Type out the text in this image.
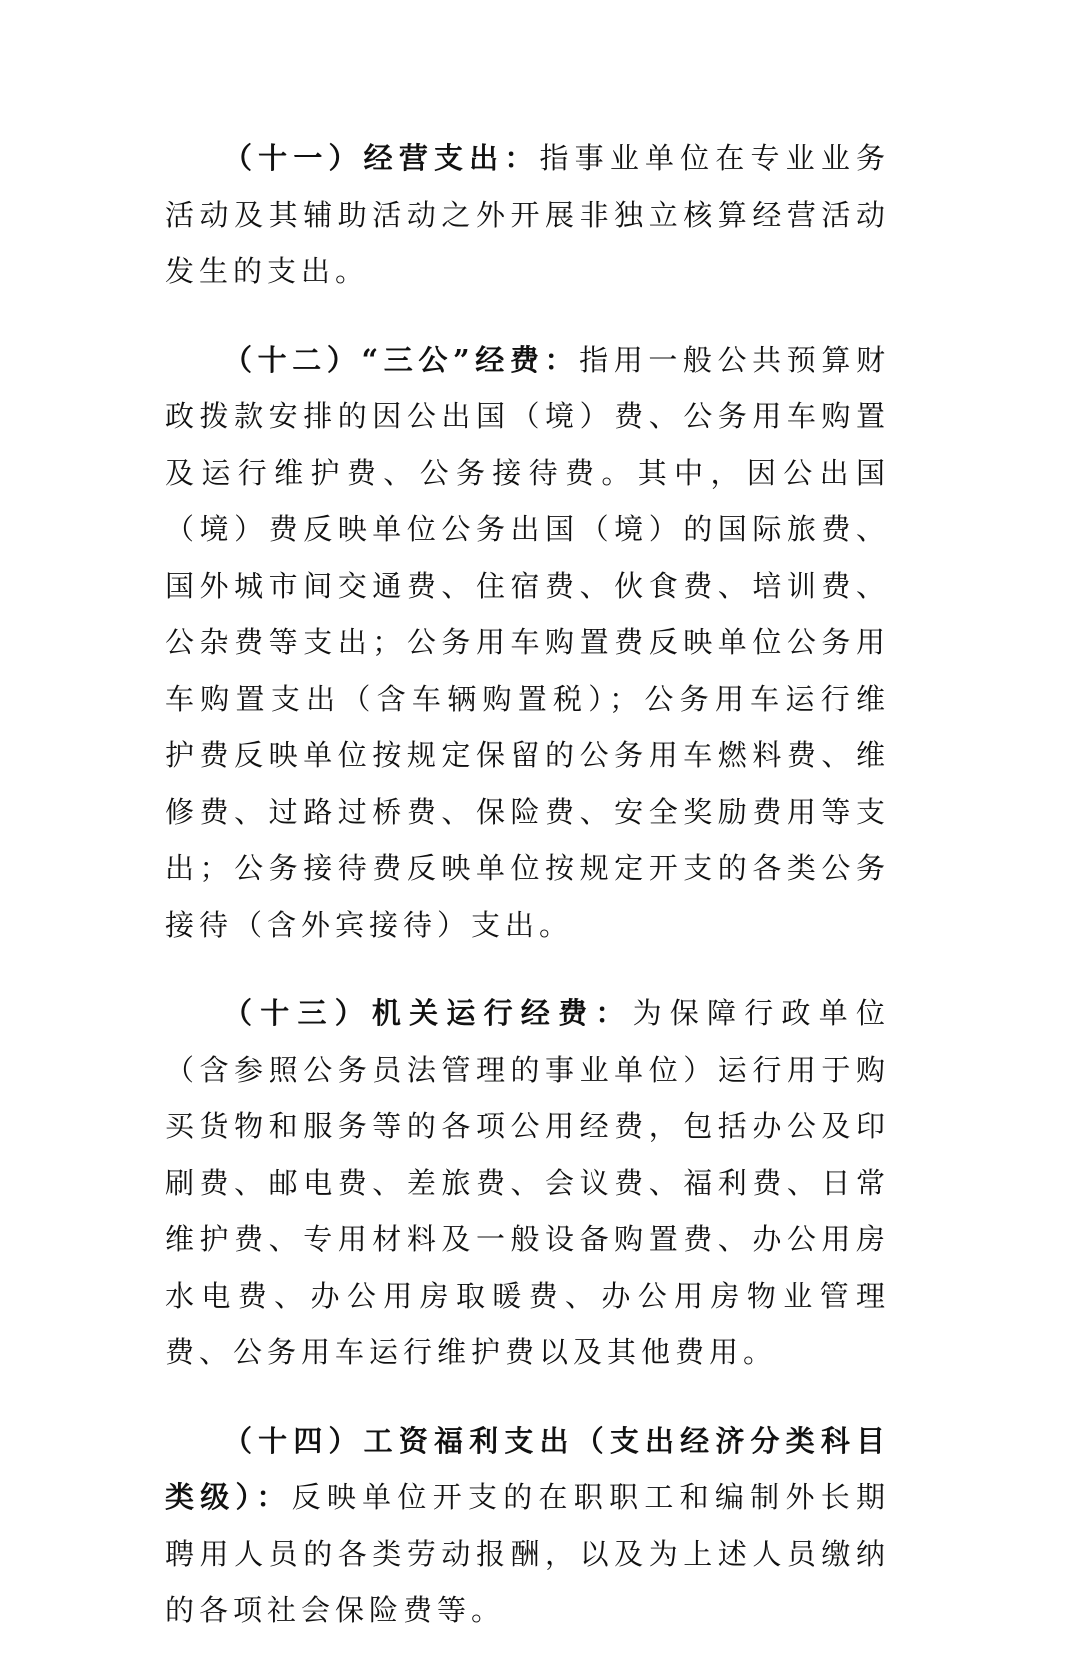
（十一）经营支出：指事业单位在专业业务活动及其辅助活动之外开展非独立核算经营活动发生的支出。

（十二）“三公”经费：指用一般公共预算财政拨款安排的因公出国（境）费、公务用车购置及运行维护费、公务接待费。其中，因公出国（境）费反映单位公务出国（境）的国际旅费、国外城市间交通费、住宿费、伙食费、培训费、公杂费等支出；公务用车购置费反映单位公务用车购置支出（含车辆购置税）；公务用车运行维护费反映单位按规定保留的公务用车燃料费、维修费、过路过桥费、保险费、安全奖励费用等支出；公务接待费反映单位按规定开支的各类公务接待（含外宾接待）支出。

（十三）机关运行经费：为保障行政单位（含参照公务员法管理的事业单位）运行用于购买货物和服务等的各项公用经费，包括办公及印刷费、邮电费、差旅费、会议费、福利费、日常维护费、专用材料及一般设备购置费、办公用房水电费、办公用房取暖费、办公用房物业管理费、公务用车运行维护费以及其他费用。

（十四）工资福利支出（支出经济分类科目类级）：反映单位开支的在职职工和编制外长期聘用人员的各类劳动报酬，以及为上述人员缴纳的各项社会保险费等。
